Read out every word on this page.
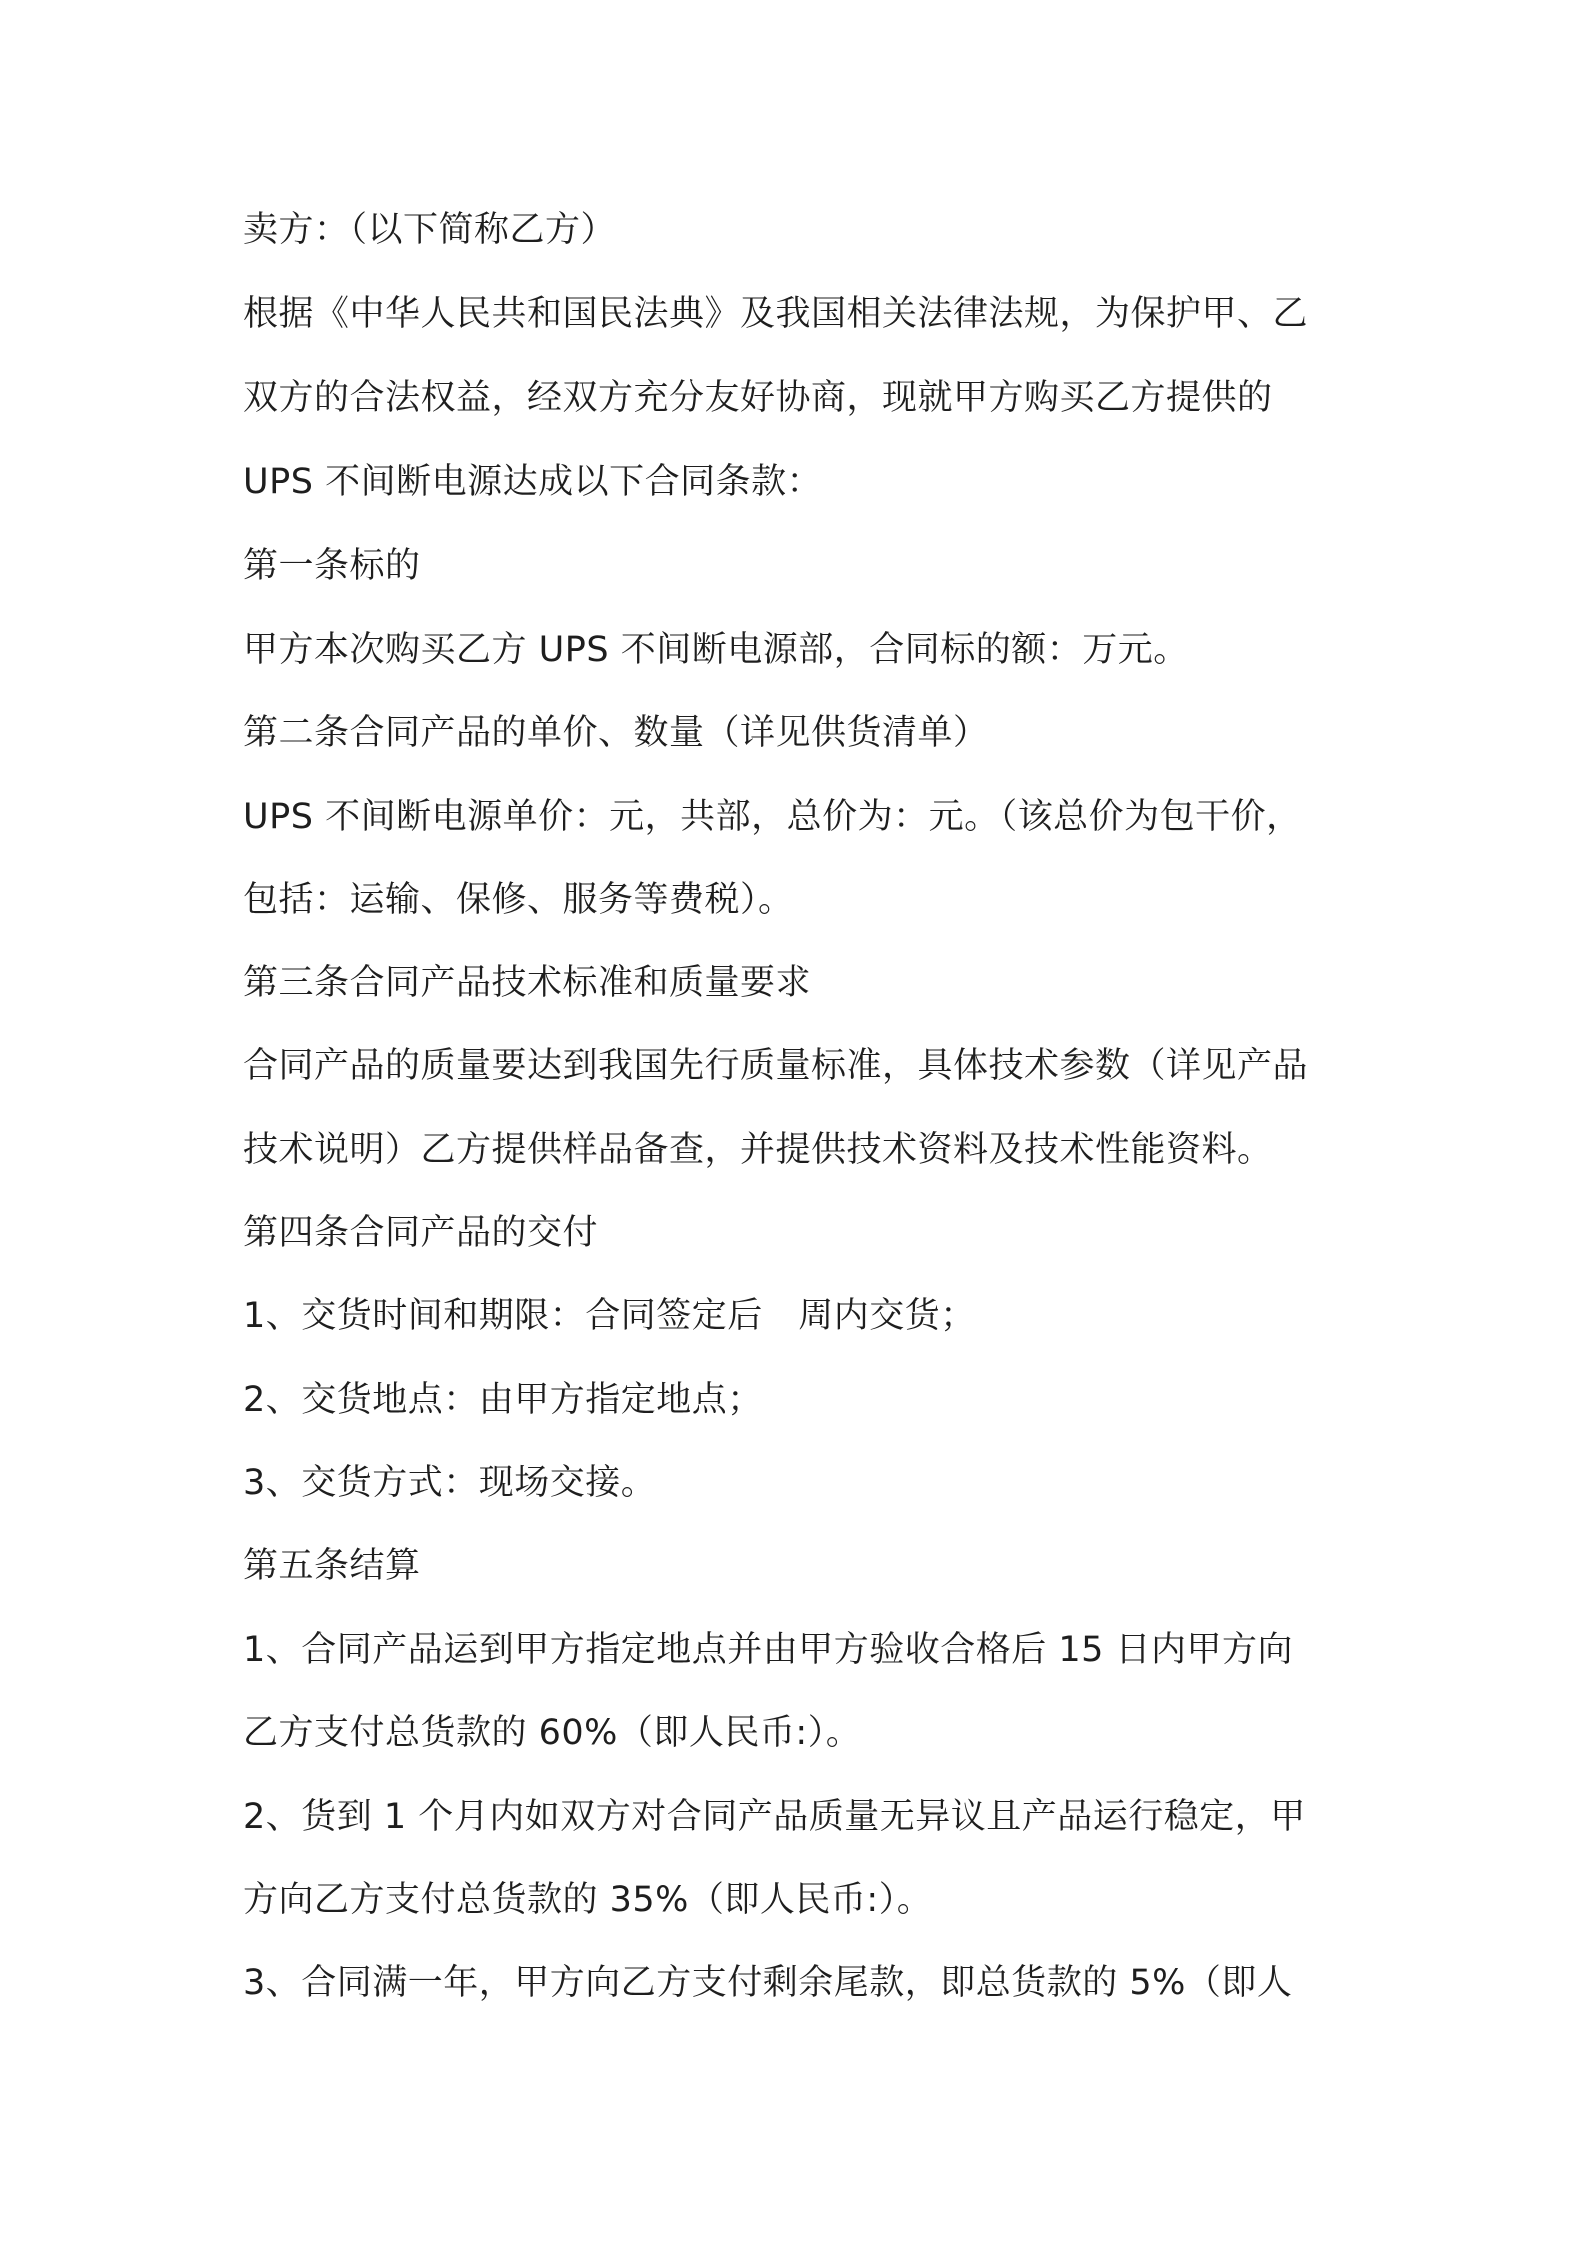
卖方：（以下简称乙方）
根据《中华人民共和国民法典》及我国相关法律法规，为保护甲、乙
双方的合法权益，经双方充分友好协商，现就甲方购买乙方提供的
UPS 不间断电源达成以下合同条款：
第一条标的
甲方本次购买乙方 UPS 不间断电源部，合同标的额：万元。
第二条合同产品的单价、数量（详见供货清单）
UPS 不间断电源单价：元，共部，总价为：元。（该总价为包干价，
包括：运输、保修、服务等费税）。
第三条合同产品技术标准和质量要求
合同产品的质量要达到我国先行质量标准，具体技术参数（详见产品
技术说明）乙方提供样品备查，并提供技术资料及技术性能资料。
第四条合同产品的交付
1、交货时间和期限：合同签定后　周内交货；
2、交货地点：由甲方指定地点；
3、交货方式：现场交接。
第五条结算
1、合同产品运到甲方指定地点并由甲方验收合格后 15 日内甲方向
乙方支付总货款的 60%（即人民币:）。
2、货到 1 个月内如双方对合同产品质量无异议且产品运行稳定，甲
方向乙方支付总货款的 35%（即人民币:）。
3、合同满一年，甲方向乙方支付剩余尾款，即总货款的 5%（即人
